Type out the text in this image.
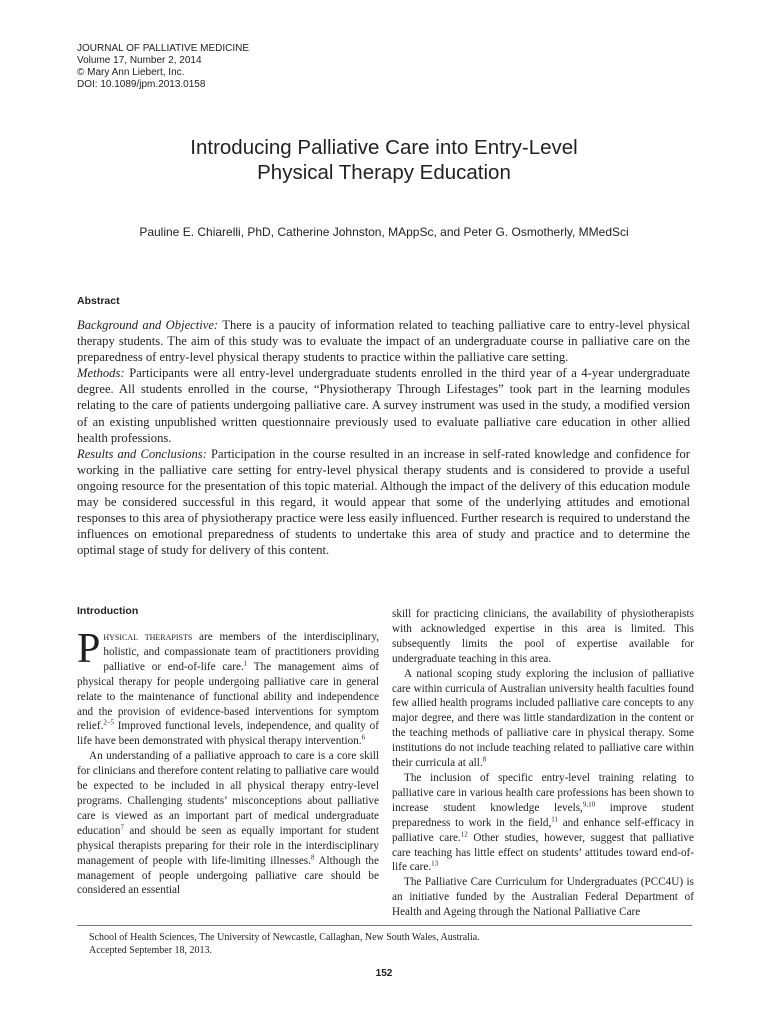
JOURNAL OF PALLIATIVE MEDICINE
Volume 17, Number 2, 2014
© Mary Ann Liebert, Inc.
DOI: 10.1089/jpm.2013.0158
Introducing Palliative Care into Entry-Level
Physical Therapy Education
Pauline E. Chiarelli, PhD, Catherine Johnston, MAppSc, and Peter G. Osmotherly, MMedSci
Abstract

Background and Objective: There is a paucity of information related to teaching palliative care to entry-level physical therapy students. The aim of this study was to evaluate the impact of an undergraduate course in palliative care on the preparedness of entry-level physical therapy students to practice within the palliative care setting.

Methods: Participants were all entry-level undergraduate students enrolled in the third year of a 4-year undergraduate degree. All students enrolled in the course, “Physiotherapy Through Lifestages” took part in the learning modules relating to the care of patients undergoing palliative care. A survey instrument was used in the study, a modified version of an existing unpublished written questionnaire previously used to evaluate palliative care education in other allied health professions.

Results and Conclusions: Participation in the course resulted in an increase in self-rated knowledge and confidence for working in the palliative care setting for entry-level physical therapy students and is considered to provide a useful ongoing resource for the presentation of this topic material. Although the impact of the delivery of this education module may be considered successful in this regard, it would appear that some of the underlying attitudes and emotional responses to this area of physiotherapy practice were less easily influenced. Further research is required to understand the influences on emotional preparedness of students to undertake this area of study and practice and to determine the optimal stage of study for delivery of this content.

Introduction

Physical therapists are members of the interdisciplinary, holistic, and compassionate team of practitioners providing palliative or end-of-life care.$^1$ The management aims of physical therapy for people undergoing palliative care in general relate to the maintenance of functional ability and independence and the provision of evidence-based interventions for symptom relief.$^{2-5}$ Improved functional levels, independence, and quality of life have been demonstrated with physical therapy intervention.$^6$

An understanding of a palliative approach to care is a core skill for clinicians and therefore content relating to palliative care would be expected to be included in all physical therapy entry-level programs. Challenging students’ misconceptions about palliative care is viewed as an important part of medical undergraduate education$^7$ and should be seen as equally important for student physical therapists preparing for their role in the interdisciplinary management of people with life-limiting illnesses.$^8$ Although the management of people undergoing palliative care should be considered an essential

skill for practicing clinicians, the availability of physiotherapists with acknowledged expertise in this area is limited. This subsequently limits the pool of expertise available for undergraduate teaching in this area.

A national scoping study exploring the inclusion of palliative care within curricula of Australian university health faculties found few allied health programs included palliative care concepts to any major degree, and there was little standardization in the content or the teaching methods of palliative care in physical therapy. Some institutions do not include teaching related to palliative care within their curricula at all.$^8$

The inclusion of specific entry-level training relating to palliative care in various health care professions has been shown to increase student knowledge levels,$^{9,10}$ improve student preparedness to work in the field,$^{11}$ and enhance self-efficacy in palliative care.$^{12}$ Other studies, however, suggest that palliative care teaching has little effect on students’ attitudes toward end-of-life care.$^{13}$

The Palliative Care Curriculum for Undergraduates (PCC4U) is an initiative funded by the Australian Federal Department of Health and Ageing through the National Palliative Care

School of Health Sciences, The University of Newcastle, Callaghan, New South Wales, Australia.
Accepted September 18, 2013.
152
